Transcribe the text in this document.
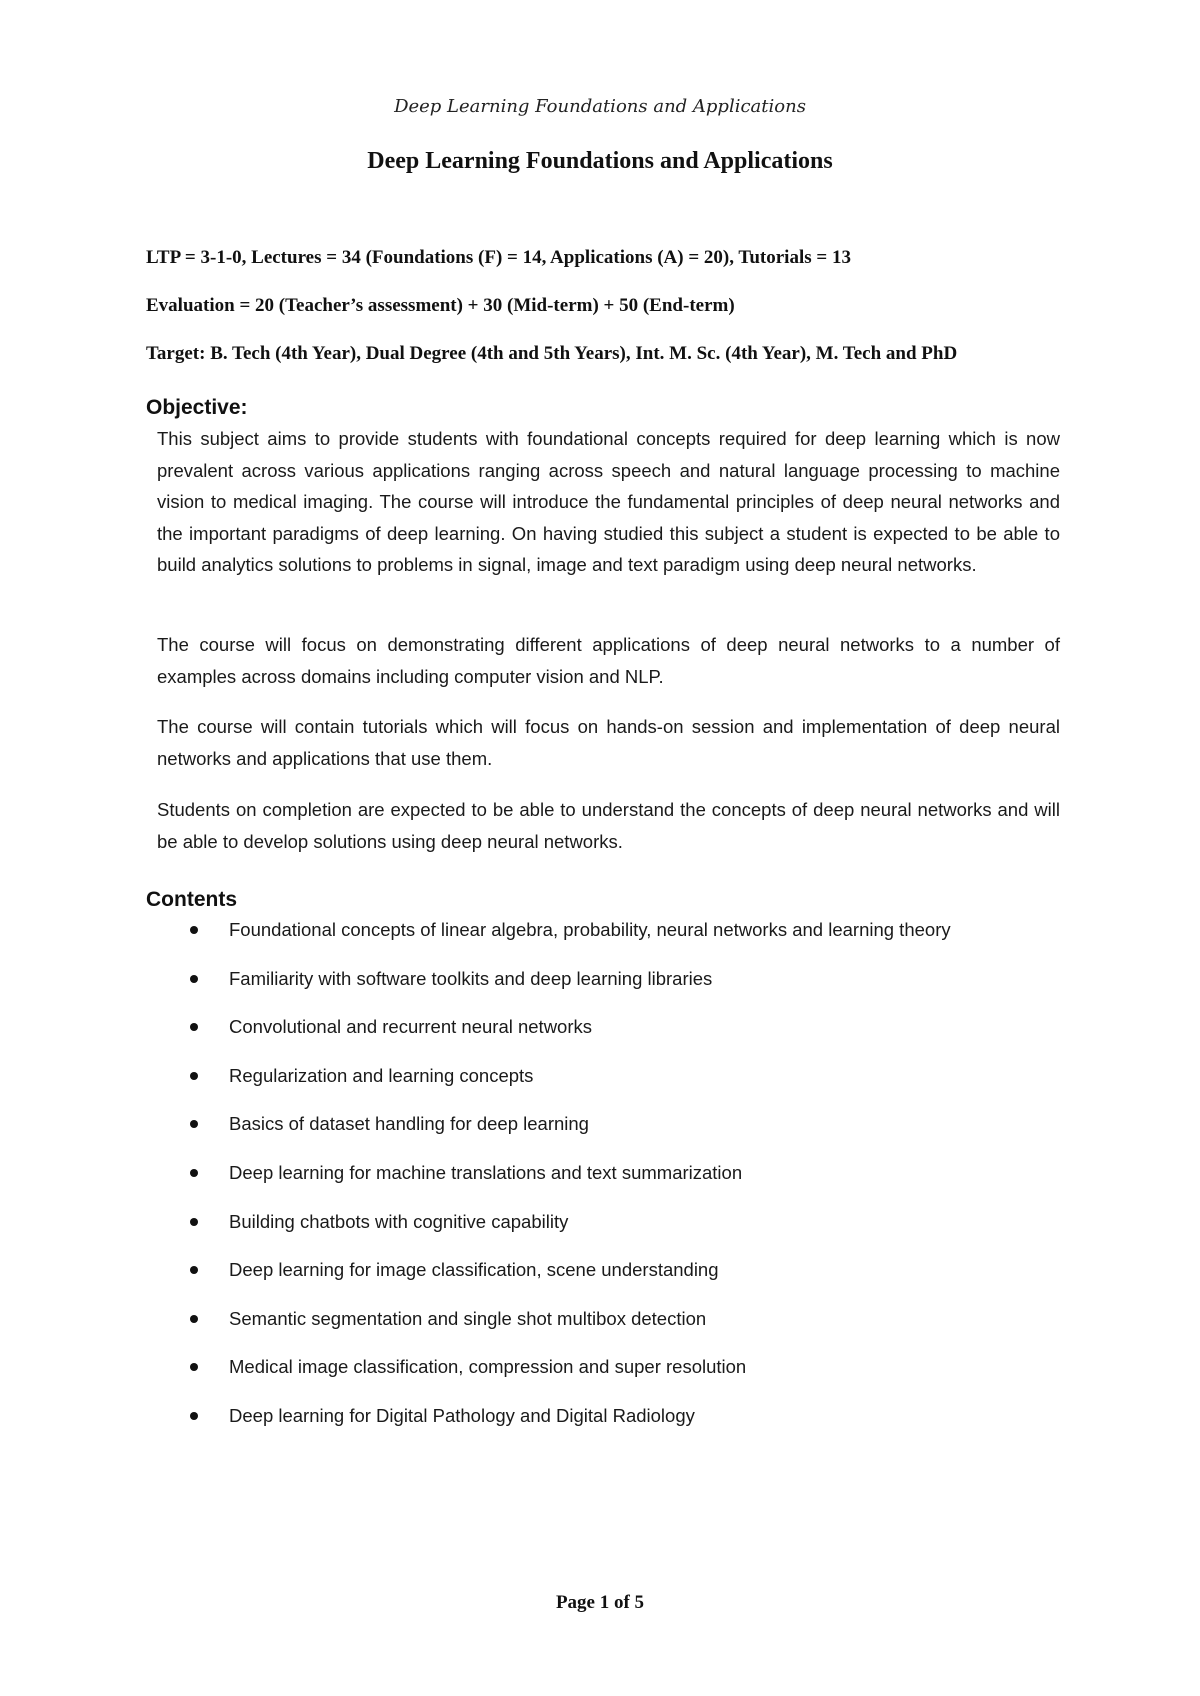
Deep Learning Foundations and Applications
Deep Learning Foundations and Applications

LTP = 3-1-0, Lectures = 34 (Foundations (F) = 14, Applications (A) = 20), Tutorials = 13

Evaluation = 20 (Teacher’s assessment) + 30 (Mid-term) + 50 (End-term)

Target: B. Tech (4th Year), Dual Degree (4th and 5th Years), Int. M. Sc. (4th Year), M. Tech and PhD

Objective:

This subject aims to provide students with foundational concepts required for deep learning which is now prevalent across various applications ranging across speech and natural language processing to machine vision to medical imaging. The course will introduce the fundamental principles of deep neural networks and the important paradigms of deep learning. On having studied this subject a student is expected to be able to build analytics solutions to problems in signal, image and text paradigm using deep neural networks.

The course will focus on demonstrating different applications of deep neural networks to a number of examples across domains including computer vision and NLP.

The course will contain tutorials which will focus on hands-on session and implementation of deep neural networks and applications that use them.

Students on completion are expected to be able to understand the concepts of deep neural networks and will be able to develop solutions using deep neural networks.

Contents
Foundational concepts of linear algebra, probability, neural networks and learning theory
Familiarity with software toolkits and deep learning libraries
Convolutional and recurrent neural networks
Regularization and learning concepts
Basics of dataset handling for deep learning
Deep learning for machine translations and text summarization
Building chatbots with cognitive capability
Deep learning for image classification, scene understanding
Semantic segmentation and single shot multibox detection
Medical image classification, compression and super resolution
Deep learning for Digital Pathology and Digital Radiology
Page 1 of 5
